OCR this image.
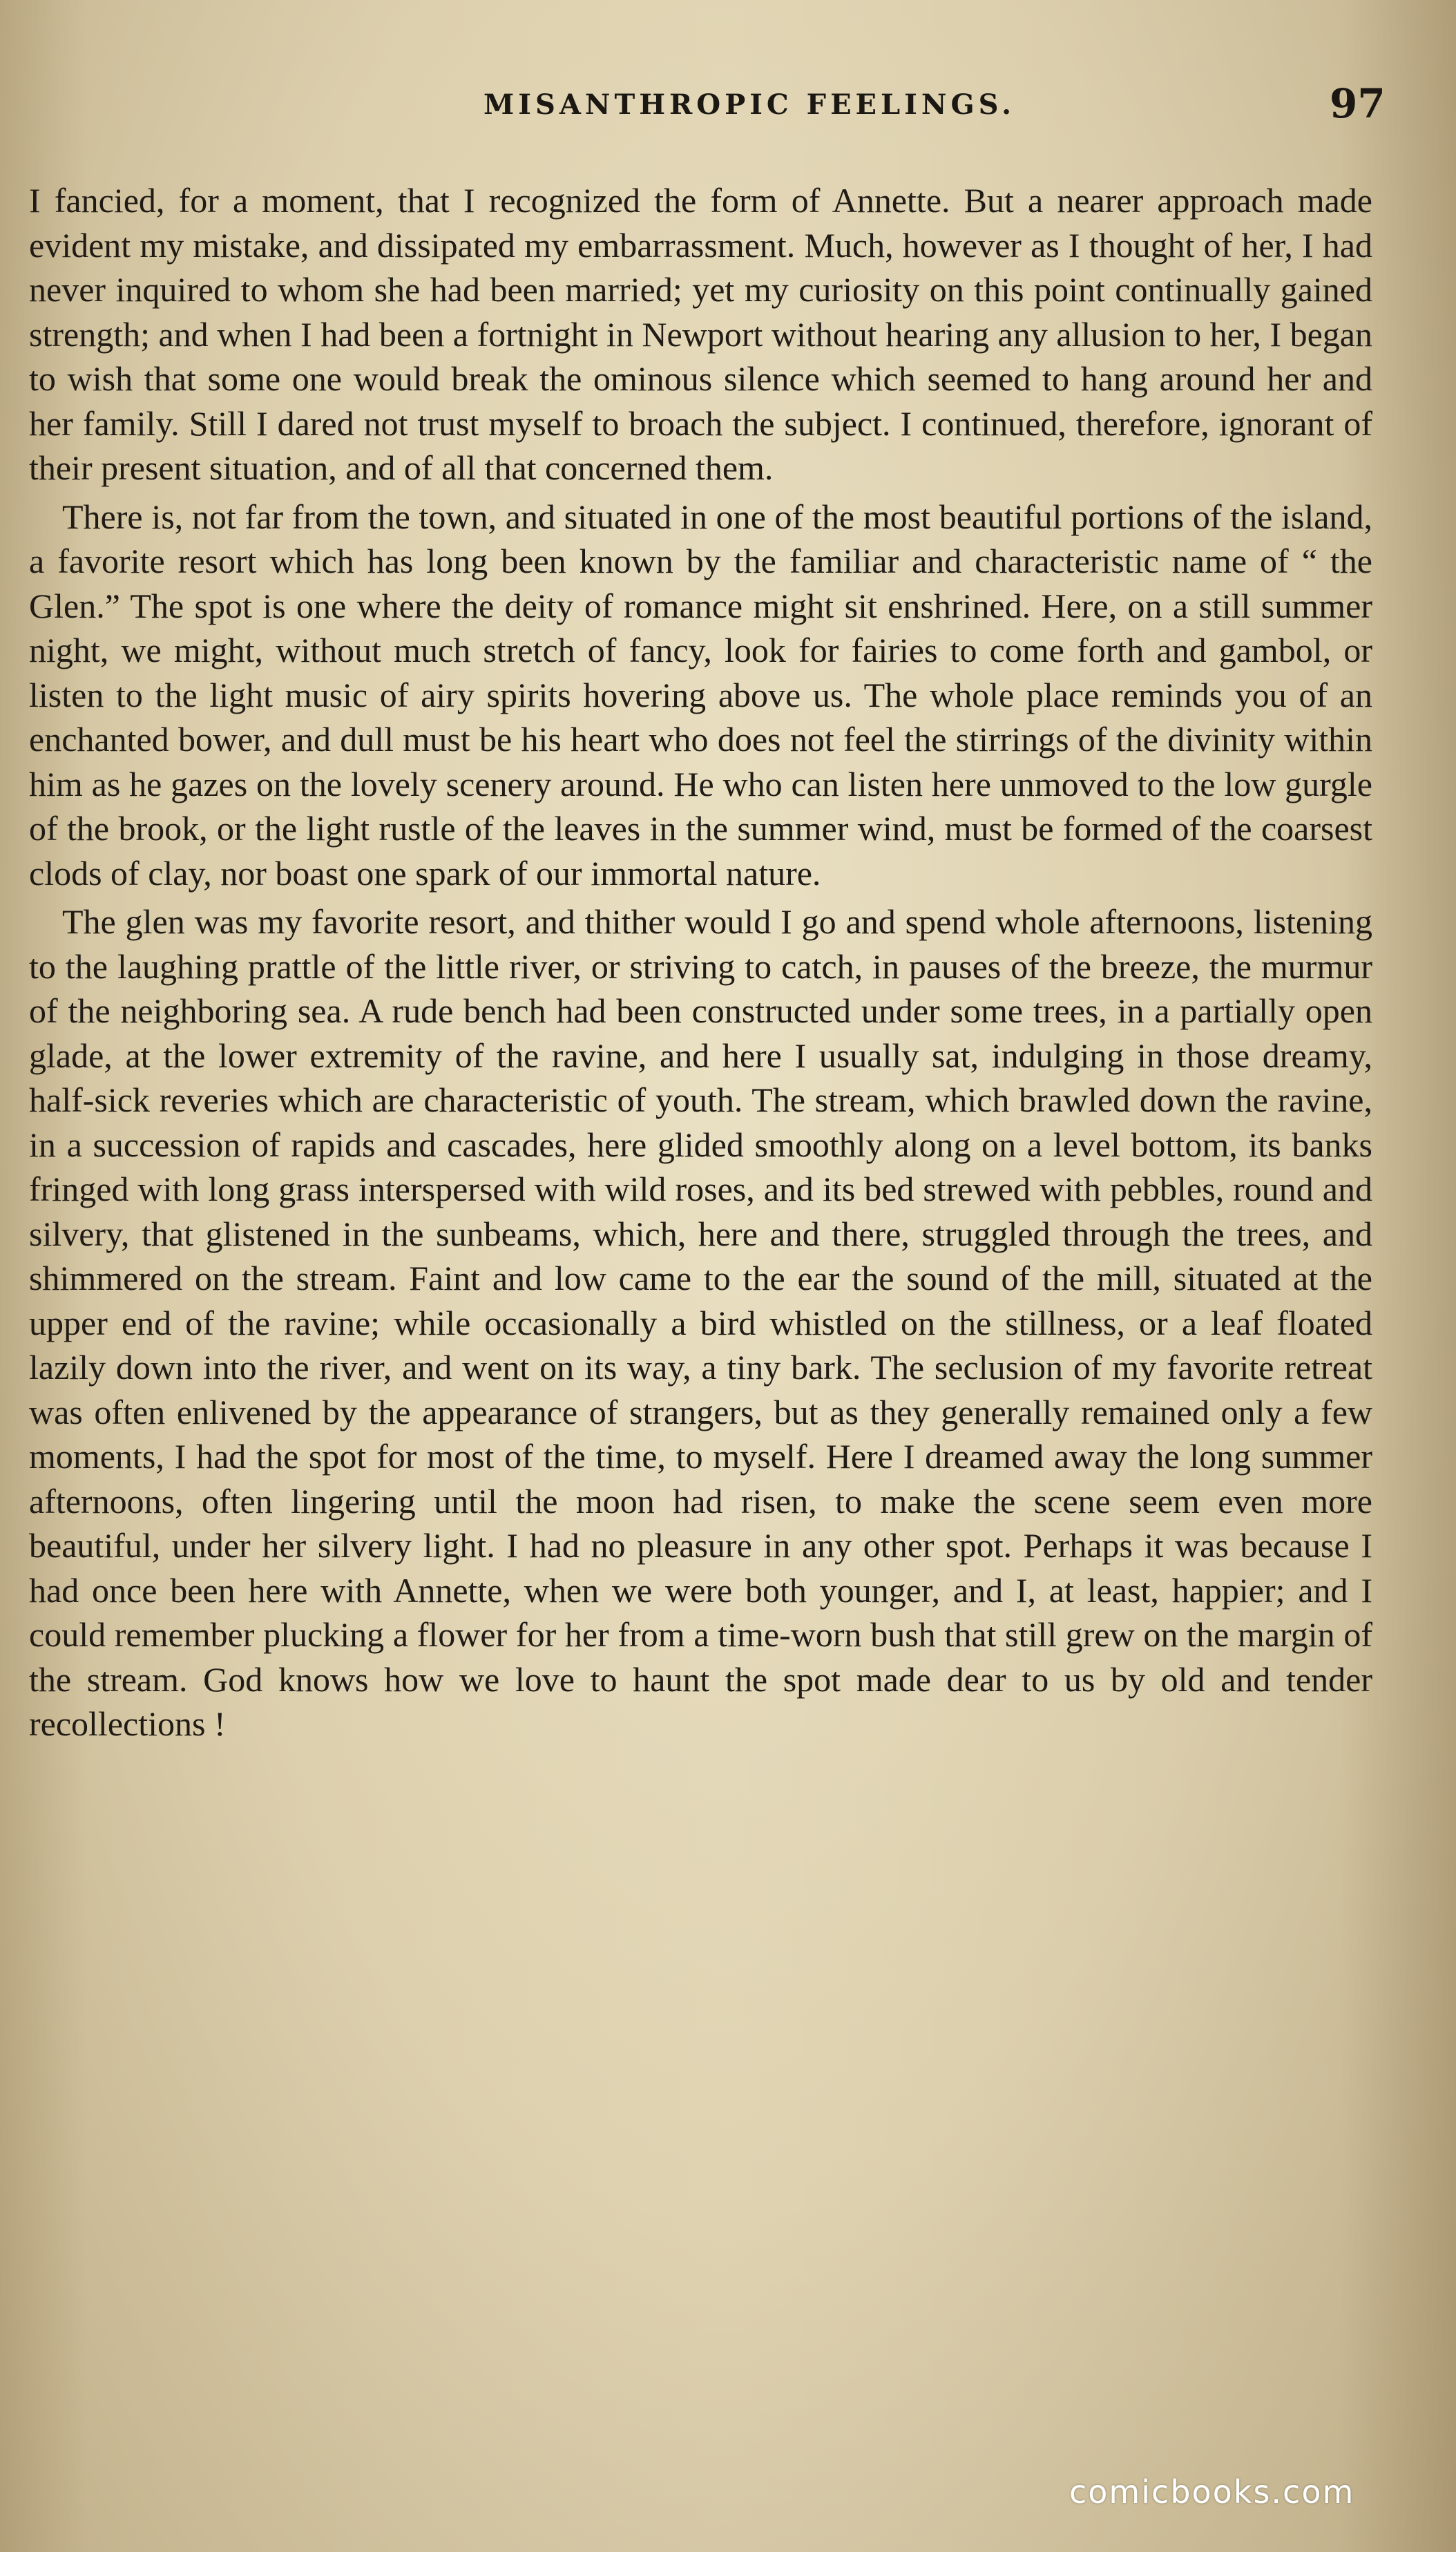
MISANTHROPIC FEELINGS.	97

I fancied, for a moment, that I recognized the form of Annette. But a nearer approach made evident my mistake, and dissipated my embarrassment. Much, however as I thought of her, I had never inquired to whom she had been married; yet my curiosity on this point continually gained strength; and when I had been a fortnight in Newport without hearing any allusion to her, I began to wish that some one would break the ominous silence which seemed to hang around her and her family. Still I dared not trust myself to broach the subject. I continued, therefore, ignorant of their present situation, and of all that concerned them.

There is, not far from the town, and situated in one of the most beautiful portions of the island, a favorite resort which has long been known by the familiar and characteristic name of “ the Glen.” The spot is one where the deity of romance might sit enshrined. Here, on a still summer night, we might, without much stretch of fancy, look for fairies to come forth and gambol, or listen to the light music of airy spirits hovering above us. The whole place reminds you of an enchanted bower, and dull must be his heart who does not feel the stirrings of the divinity within him as he gazes on the lovely scenery around. He who can listen here unmoved to the low gurgle of the brook, or the light rustle of the leaves in the summer wind, must be formed of the coarsest clods of clay, nor boast one spark of our immortal nature.

The glen was my favorite resort, and thither would I go and spend whole afternoons, listening to the laughing prattle of the little river, or striving to catch, in pauses of the breeze, the murmur of the neighboring sea. A rude bench had been constructed under some trees, in a partially open glade, at the lower extremity of the ravine, and here I usually sat, indulging in those dreamy, half-sick reveries which are characteristic of youth. The stream, which brawled down the ravine, in a succession of rapids and cascades, here glided smoothly along on a level bottom, its banks fringed with long grass interspersed with wild roses, and its bed strewed with pebbles, round and silvery, that glistened in the sunbeams, which, here and there, struggled through the trees, and shimmered on the stream. Faint and low came to the ear the sound of the mill, situated at the upper end of the ravine; while occasionally a bird whistled on the stillness, or a leaf floated lazily down into the river, and went on its way, a tiny bark. The seclusion of my favorite retreat was often enlivened by the appearance of strangers, but as they generally remained only a few moments, I had the spot for most of the time, to myself. Here I dreamed away the long summer afternoons, often lingering until the moon had risen, to make the scene seem even more beautiful, under her silvery light. I had no pleasure in any other spot. Perhaps it was because I had once been here with Annette, when we were both younger, and I, at least, happier; and I could remember plucking a flower for her from a time-worn bush that still grew on the margin of the stream. God knows how we love to haunt the spot made dear to us by old and tender recollections !

comicbooks.com
